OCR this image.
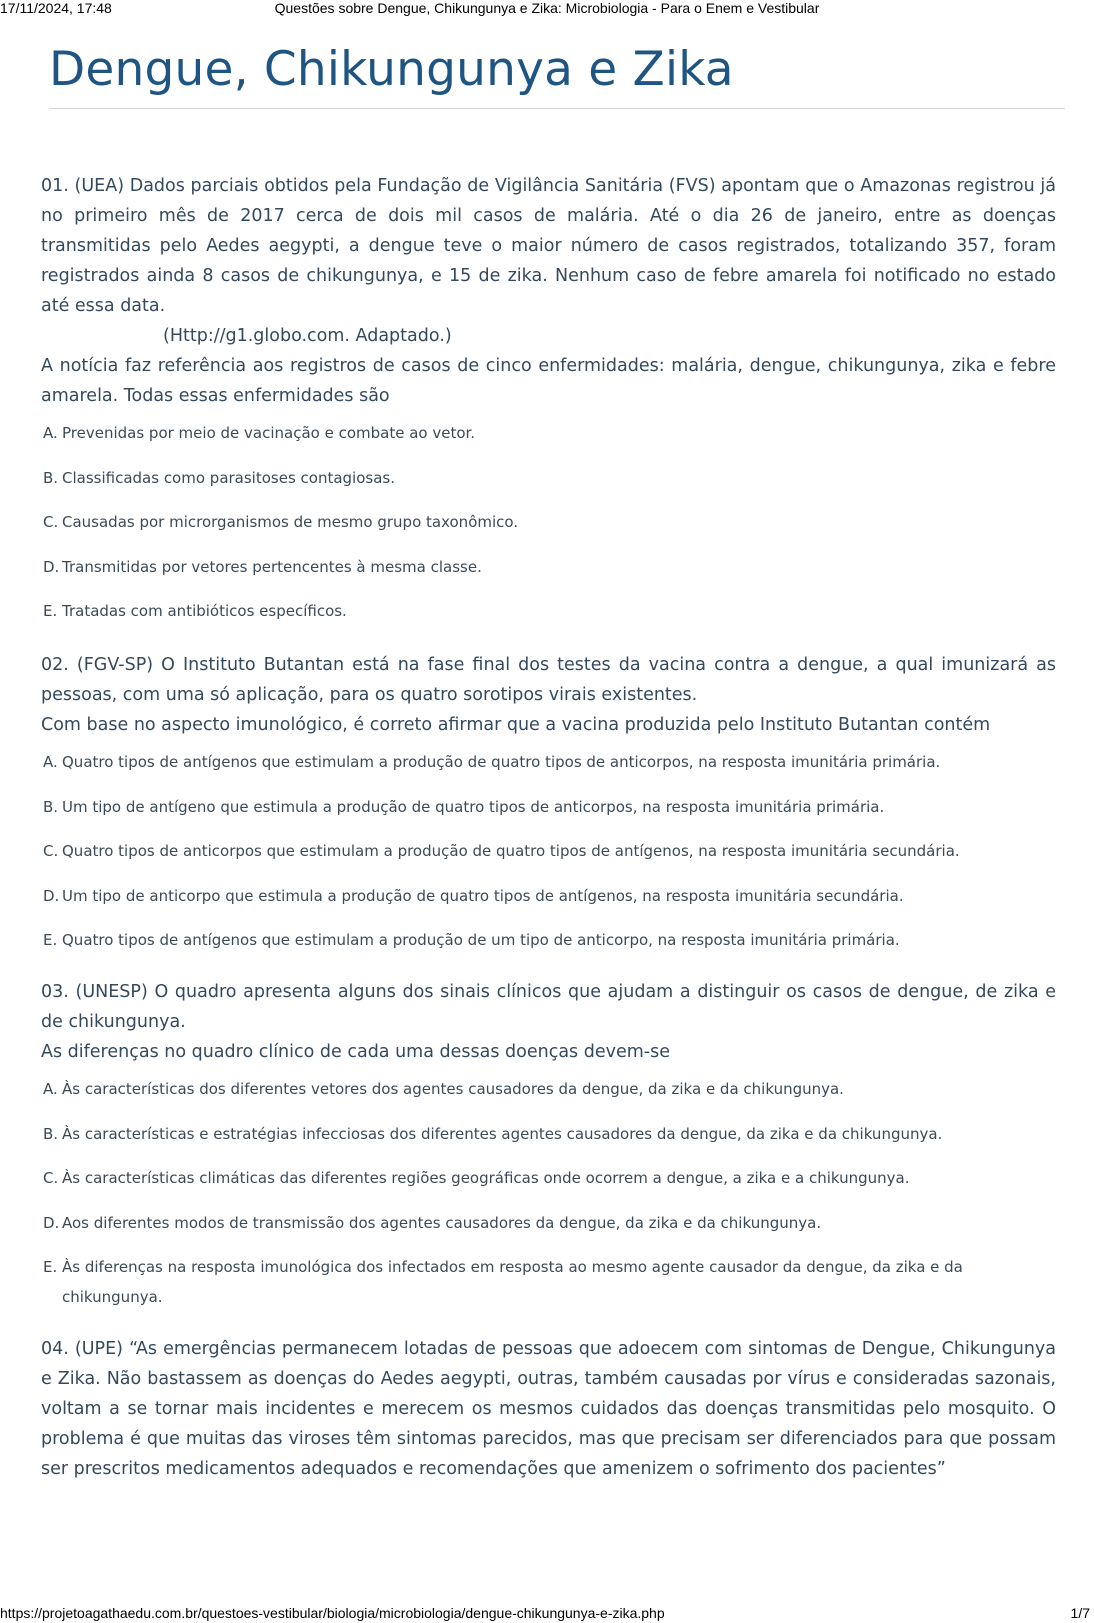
17/11/2024, 17:48	Questões sobre Dengue, Chikungunya e Zika: Microbiologia - Para o Enem e Vestibular
Dengue, Chikungunya e Zika

01. (UEA) Dados parciais obtidos pela Fundação de Vigilância Sanitária (FVS) apontam que o Amazonas registrou já no primeiro mês de 2017 cerca de dois mil casos de malária. Até o dia 26 de janeiro, entre as doenças transmitidas pelo Aedes aegypti, a dengue teve o maior número de casos registrados, totalizando 357, foram registrados ainda 8 casos de chikungunya, e 15 de zika. Nenhum caso de febre amarela foi notificado no estado até essa data.

(Http://g1.globo.com. Adaptado.)

A notícia faz referência aos registros de casos de cinco enfermidades: malária, dengue, chikungunya, zika e febre amarela. Todas essas enfermidades são

A. Prevenidas por meio de vacinação e combate ao vetor.
B. Classificadas como parasitoses contagiosas.
C. Causadas por microrganismos de mesmo grupo taxonômico.
D. Transmitidas por vetores pertencentes à mesma classe.
E. Tratadas com antibióticos específicos.

02. (FGV-SP) O Instituto Butantan está na fase final dos testes da vacina contra a dengue, a qual imunizará as pessoas, com uma só aplicação, para os quatro sorotipos virais existentes.

Com base no aspecto imunológico, é correto afirmar que a vacina produzida pelo Instituto Butantan contém

A. Quatro tipos de antígenos que estimulam a produção de quatro tipos de anticorpos, na resposta imunitária primária.
B. Um tipo de antígeno que estimula a produção de quatro tipos de anticorpos, na resposta imunitária primária.
C. Quatro tipos de anticorpos que estimulam a produção de quatro tipos de antígenos, na resposta imunitária secundária.
D. Um tipo de anticorpo que estimula a produção de quatro tipos de antígenos, na resposta imunitária secundária.
E. Quatro tipos de antígenos que estimulam a produção de um tipo de anticorpo, na resposta imunitária primária.

03. (UNESP) O quadro apresenta alguns dos sinais clínicos que ajudam a distinguir os casos de dengue, de zika e de chikungunya.

As diferenças no quadro clínico de cada uma dessas doenças devem-se

A. Às características dos diferentes vetores dos agentes causadores da dengue, da zika e da chikungunya.
B. Às características e estratégias infecciosas dos diferentes agentes causadores da dengue, da zika e da chikungunya.
C. Às características climáticas das diferentes regiões geográficas onde ocorrem a dengue, a zika e a chikungunya.
D. Aos diferentes modos de transmissão dos agentes causadores da dengue, da zika e da chikungunya.
E. Às diferenças na resposta imunológica dos infectados em resposta ao mesmo agente causador da dengue, da zika e da chikungunya.

04. (UPE) “As emergências permanecem lotadas de pessoas que adoecem com sintomas de Dengue, Chikungunya e Zika. Não bastassem as doenças do Aedes aegypti, outras, também causadas por vírus e consideradas sazonais, voltam a se tornar mais incidentes e merecem os mesmos cuidados das doenças transmitidas pelo mosquito. O problema é que muitas das viroses têm sintomas parecidos, mas que precisam ser diferenciados para que possam ser prescritos medicamentos adequados e recomendações que amenizem o sofrimento dos pacientes”

https://projetoagathaedu.com.br/questoes-vestibular/biologia/microbiologia/dengue-chikungunya-e-zika.php	1/7
